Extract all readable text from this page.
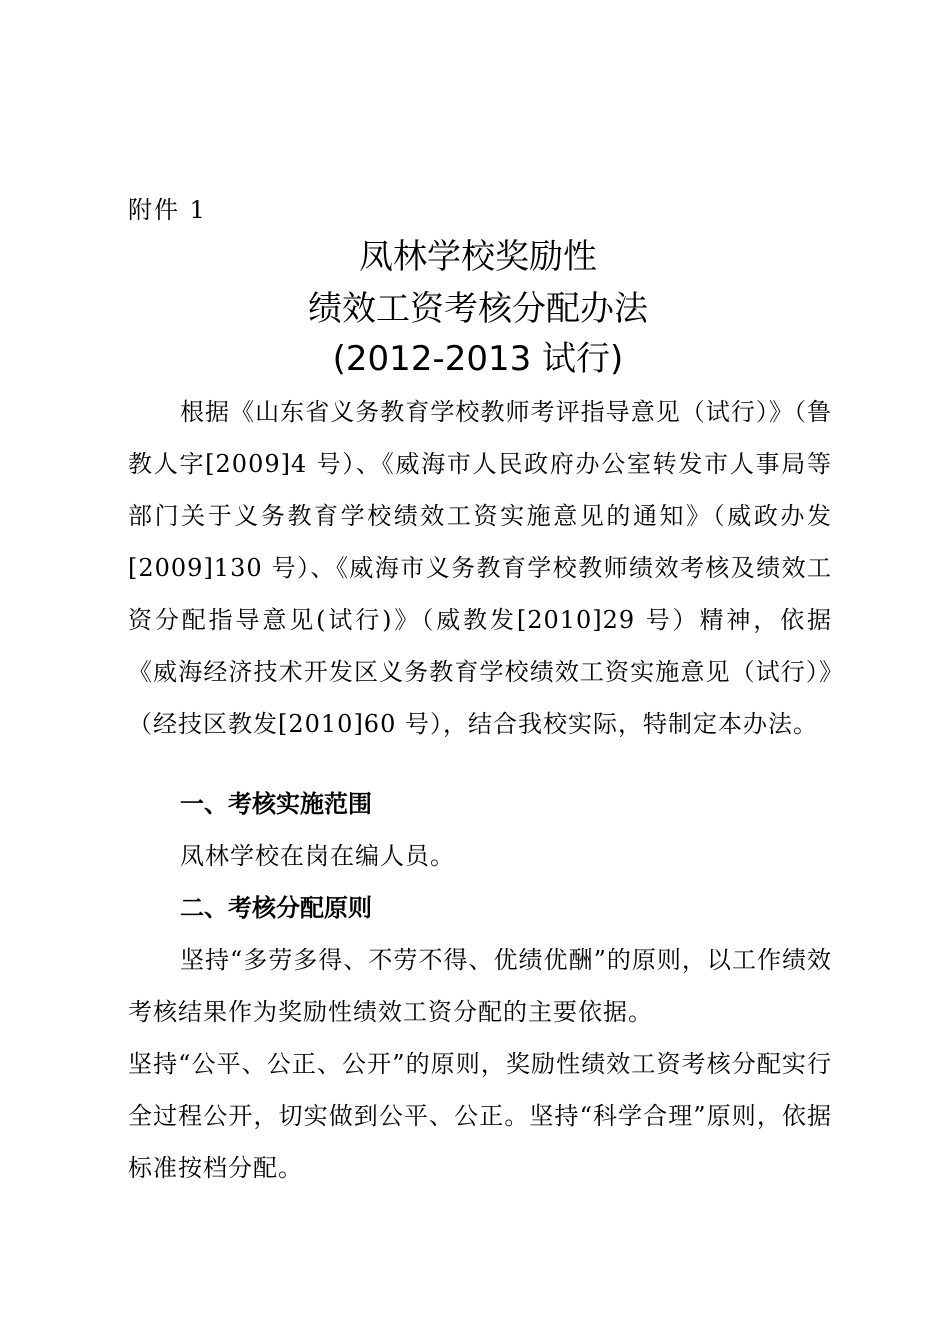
附件 1
凤林学校奖励性
绩效工资考核分配办法
(2012-2013 试行)
根据《山东省义务教育学校教师考评指导意见（试行）》（鲁教人字[2009]4 号）、《威海市人民政府办公室转发市人事局等部门关于义务教育学校绩效工资实施意见的通知》（威政办发[2009]130 号）、《威海市义务教育学校教师绩效考核及绩效工资分配指导意见(试行)》（威教发[2010]29 号）精神，依据《威海经济技术开发区义务教育学校绩效工资实施意见（试行）》（经技区教发[2010]60 号），结合我校实际，特制定本办法。
一、考核实施范围
凤林学校在岗在编人员。
二、考核分配原则
坚持“多劳多得、不劳不得、优绩优酬”的原则，以工作绩效考核结果作为奖励性绩效工资分配的主要依据。
坚持“公平、公正、公开”的原则，奖励性绩效工资考核分配实行全过程公开，切实做到公平、公正。坚持“科学合理”原则，依据标准按档分配。
